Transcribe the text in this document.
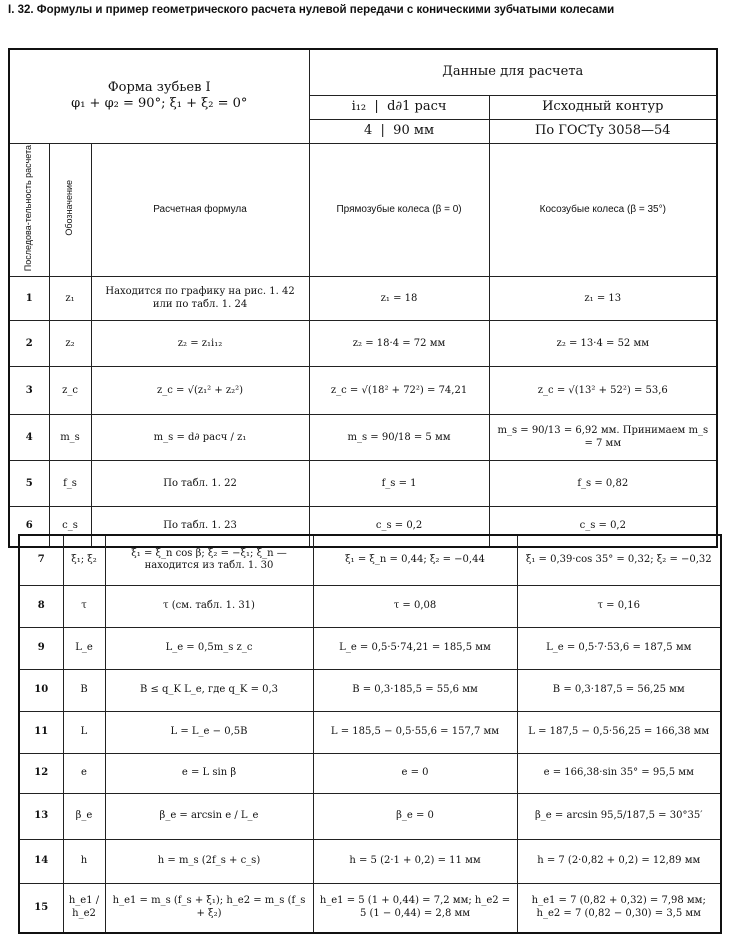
I. 32. Формулы и пример геометрического расчета нулевой передачи с коническими зубчатыми колесами
Форма зубьев I
φ₁ + φ₂ = 90°; ξ₁ + ξ₂ = 0°			Данные для расчета	
			i₁₂  |  d∂1 расч	Исходный контур
			4  |  90 мм	По ГОСТу 3058—54
Последова-тельность расчета	Обозначение	Расчетная формула	Прямозубые колеса (β = 0)	Косозубые колеса (β = 35°)
1	z₁	Находится по графику на рис. 1. 42 или по табл. 1. 24	z₁ = 18	z₁ = 13
2	z₂	z₂ = z₁i₁₂	z₂ = 18·4 = 72 мм	z₂ = 13·4 = 52 мм
3	z_c	z_c = √(z₁² + z₂²)	z_c = √(18² + 72²) = 74,21	z_c = √(13² + 52²) = 53,6
4	m_s	m_s = d∂ расч / z₁	m_s = 90/18 = 5 мм	m_s = 90/13 = 6,92 мм. Принимаем m_s = 7 мм
5	f_s	По табл. 1. 22	f_s = 1	f_s = 0,82
6	c_s	По табл. 1. 23	c_s = 0,2	c_s = 0,2
7	ξ₁; ξ₂	ξ₁ = ξ_n cos β; ξ₂ = −ξ₁; ξ_n — находится из табл. 1. 30	ξ₁ = ξ_n = 0,44; ξ₂ = −0,44	ξ₁ = 0,39·cos 35° = 0,32; ξ₂ = −0,32
8	τ	τ (см. табл. 1. 31)	τ = 0,08	τ = 0,16
9	L_e	L_e = 0,5m_s z_c	L_e = 0,5·5·74,21 = 185,5 мм	L_e = 0,5·7·53,6 = 187,5 мм
10	B	B ≤ q_K L_e, где q_K = 0,3	B = 0,3·185,5 = 55,6 мм	B = 0,3·187,5 = 56,25 мм
11	L	L = L_e − 0,5B	L = 185,5 − 0,5·55,6 = 157,7 мм	L = 187,5 − 0,5·56,25 = 166,38 мм
12	e	e = L sin β	e = 0	e = 166,38·sin 35° = 95,5 мм
13	β_e	β_e = arcsin e / L_e	β_e = 0	β_e = arcsin 95,5/187,5 = 30°35′
14	h	h = m_s (2f_s + c_s)	h = 5 (2·1 + 0,2) = 11 мм	h = 7 (2·0,82 + 0,2) = 12,89 мм
15	h_e1 / h_e2	h_e1 = m_s (f_s + ξ₁); h_e2 = m_s (f_s + ξ₂)	h_e1 = 5 (1 + 0,44) = 7,2 мм; h_e2 = 5 (1 − 0,44) = 2,8 мм	h_e1 = 7 (0,82 + 0,32) = 7,98 мм; h_e2 = 7 (0,82 − 0,30) = 3,5 мм
